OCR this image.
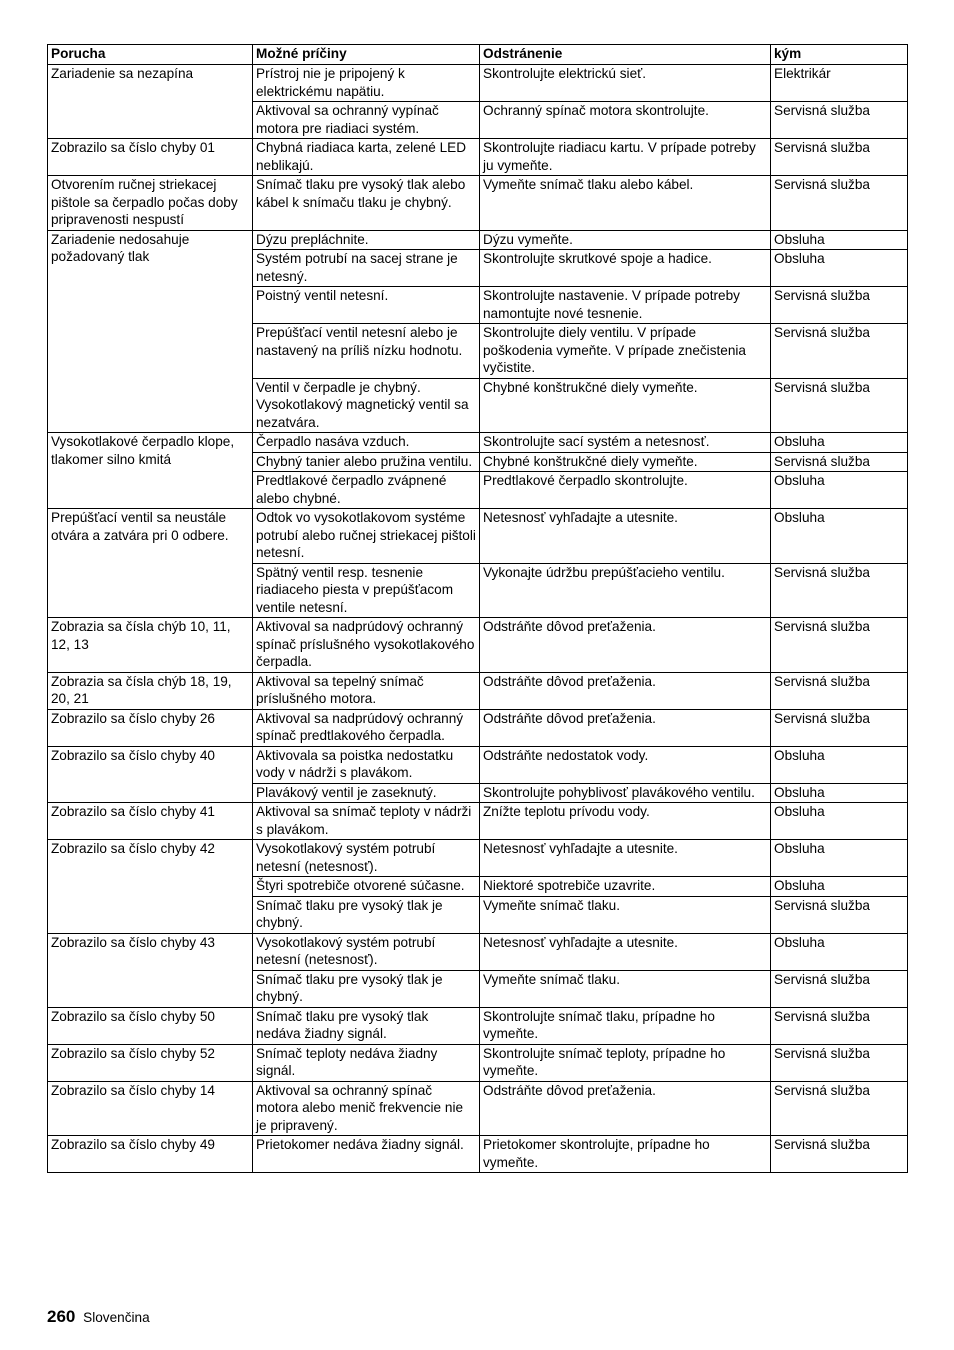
Porucha	Možné príčiny	Odstránenie	kým
Zariadenie sa nezapína	Prístroj nie je pripojený k elektrickému napätiu.	Skontrolujte elektrickú sieť.	Elektrikár
	Aktivoval sa ochranný vypínač motora pre riadiaci systém.	Ochranný spínač motora skontrolujte.	Servisná služba
Zobrazilo sa číslo chyby 01	Chybná riadiaca karta, zelené LED neblikajú.	Skontrolujte riadiacu kartu. V prípade potreby ju vymeňte.	Servisná služba
Otvorením ručnej striekacej pištole sa čerpadlo počas doby pripravenosti nespustí	Snímač tlaku pre vysoký tlak alebo kábel k snímaču tlaku je chybný.	Vymeňte snímač tlaku alebo kábel.	Servisná služba
Zariadenie nedosahuje požadovaný tlak	Dýzu prepláchnite.	Dýzu vymeňte.	Obsluha
	Systém potrubí na sacej strane je netesný.	Skontrolujte skrutkové spoje a hadice.	Obsluha
	Poistný ventil netesní.	Skontrolujte nastavenie. V prípade potreby namontujte nové tesnenie.	Servisná služba
	Prepúšťací ventil netesní alebo je nastavený na príliš nízku hodnotu.	Skontrolujte diely ventilu. V prípade poškodenia vymeňte. V prípade znečistenia vyčistite.	Servisná služba
	Ventil v čerpadle je chybný. Vysokotlakový magnetický ventil sa nezatvára.	Chybné konštrukčné diely vymeňte.	Servisná služba
Vysokotlakové čerpadlo klope, tlakomer silno kmitá	Čerpadlo nasáva vzduch.	Skontrolujte sací systém a netesnosť.	Obsluha
	Chybný tanier alebo pružina ventilu.	Chybné konštrukčné diely vymeňte.	Servisná služba
	Predtlakové čerpadlo zvápnené alebo chybné.	Predtlakové čerpadlo skontrolujte.	Obsluha
Prepúšťací ventil sa neustále otvára a zatvára pri 0 odbere.	Odtok vo vysokotlakovom systéme potrubí alebo ručnej striekacej pištoli netesní.	Netesnosť vyhľadajte a utesnite.	Obsluha
	Spätný ventil resp. tesnenie riadiaceho piesta v prepúšťacom ventile netesní.	Vykonajte údržbu prepúšťacieho ventilu.	Servisná služba
Zobrazia sa čísla chýb 10, 11, 12, 13	Aktivoval sa nadprúdový ochranný spínač príslušného vysokotlakového čerpadla.	Odstráňte dôvod preťaženia.	Servisná služba
Zobrazia sa čísla chýb 18, 19, 20, 21	Aktivoval sa tepelný snímač príslušného motora.	Odstráňte dôvod preťaženia.	Servisná služba
Zobrazilo sa číslo chyby 26	Aktivoval sa nadprúdový ochranný spínač predtlakového čerpadla.	Odstráňte dôvod preťaženia.	Servisná služba
Zobrazilo sa číslo chyby 40	Aktivovala sa poistka nedostatku vody v nádrži s plavákom.	Odstráňte nedostatok vody.	Obsluha
	Plavákový ventil je zaseknutý.	Skontrolujte pohyblivosť plavákového ventilu.	Obsluha
Zobrazilo sa číslo chyby 41	Aktivoval sa snímač teploty v nádrži s plavákom.	Znížte teplotu prívodu vody.	Obsluha
Zobrazilo sa číslo chyby 42	Vysokotlakový systém potrubí netesní (netesnosť).	Netesnosť vyhľadajte a utesnite.	Obsluha
	Štyri spotrebiče otvorené súčasne.	Niektoré spotrebiče uzavrite.	Obsluha
	Snímač tlaku pre vysoký tlak je chybný.	Vymeňte snímač tlaku.	Servisná služba
Zobrazilo sa číslo chyby 43	Vysokotlakový systém potrubí netesní (netesnosť).	Netesnosť vyhľadajte a utesnite.	Obsluha
	Snímač tlaku pre vysoký tlak je chybný.	Vymeňte snímač tlaku.	Servisná služba
Zobrazilo sa číslo chyby 50	Snímač tlaku pre vysoký tlak nedáva žiadny signál.	Skontrolujte snímač tlaku, prípadne ho vymeňte.	Servisná služba
Zobrazilo sa číslo chyby 52	Snímač teploty nedáva žiadny signál.	Skontrolujte snímač teploty, prípadne ho vymeňte.	Servisná služba
Zobrazilo sa číslo chyby 14	Aktivoval sa ochranný spínač motora alebo menič frekvencie nie je pripravený.	Odstráňte dôvod preťaženia.	Servisná služba
Zobrazilo sa číslo chyby 49	Prietokomer nedáva žiadny signál.	Prietokomer skontrolujte, prípadne ho vymeňte.	Servisná služba
260 Slovenčina
